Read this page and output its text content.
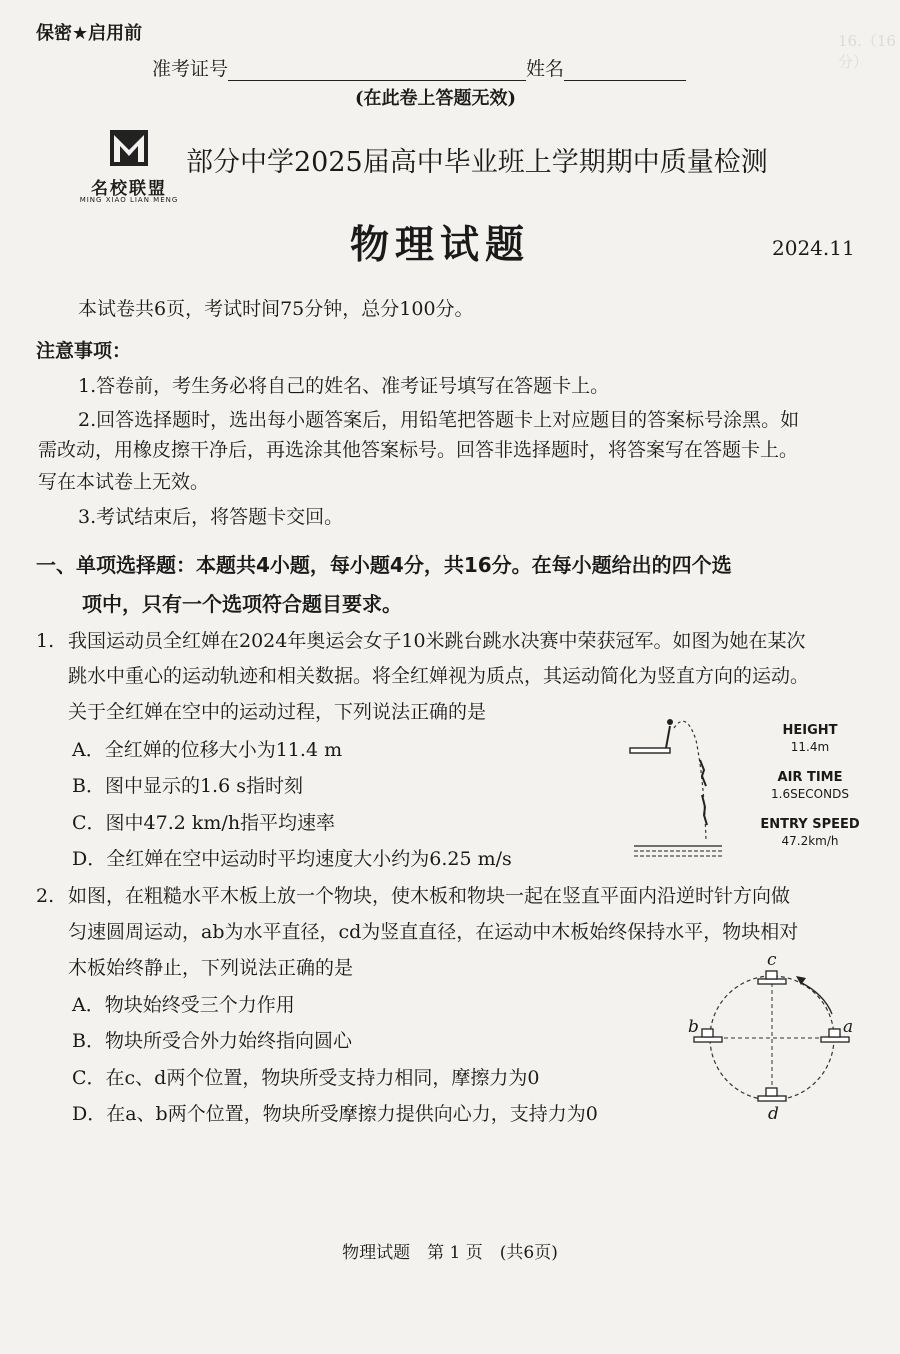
16.（16分）
保密★启用前
准考证号	姓名
(在此卷上答题无效)
名校联盟
MING XIAO LIAN MENG
部分中学2025届高中毕业班上学期期中质量检测
物理试题	2024.11
本试卷共6页，考试时间75分钟，总分100分。
注意事项：
1.答卷前，考生务必将自己的姓名、准考证号填写在答题卡上。
2.回答选择题时，选出每小题答案后，用铅笔把答题卡上对应题目的答案标号涂黑。如
需改动，用橡皮擦干净后，再选涂其他答案标号。回答非选择题时，将答案写在答题卡上。
写在本试卷上无效。
3.考试结束后，将答题卡交回。
一、单项选择题：本题共4小题，每小题4分，共16分。在每小题给出的四个选
项中，只有一个选项符合题目要求。
1. 我国运动员全红婵在2024年奥运会女子10米跳台跳水决赛中荣获冠军。如图为她在某次
跳水中重心的运动轨迹和相关数据。将全红婵视为质点，其运动简化为竖直方向的运动。
关于全红婵在空中的运动过程，下列说法正确的是
A．全红婵的位移大小为11.4 m
B．图中显示的1.6 s指时刻
C．图中47.2 km/h指平均速率
D．全红婵在空中运动时平均速度大小约为6.25 m/s
HEIGHT
11.4m
AIR TIME
1.6SECONDS
ENTRY SPEED
47.2km/h
2. 如图，在粗糙水平木板上放一个物块，使木板和物块一起在竖直平面内沿逆时针方向做
匀速圆周运动，ab为水平直径，cd为竖直直径，在运动中木板始终保持水平，物块相对
木板始终静止，下列说法正确的是
A．物块始终受三个力作用
B．物块所受合外力始终指向圆心
C．在c、d两个位置，物块所受支持力相同，摩擦力为0
D．在a、b两个位置，物块所受摩擦力提供向心力，支持力为0
c
d
a
b
物理试题　第 1 页　(共6页)
